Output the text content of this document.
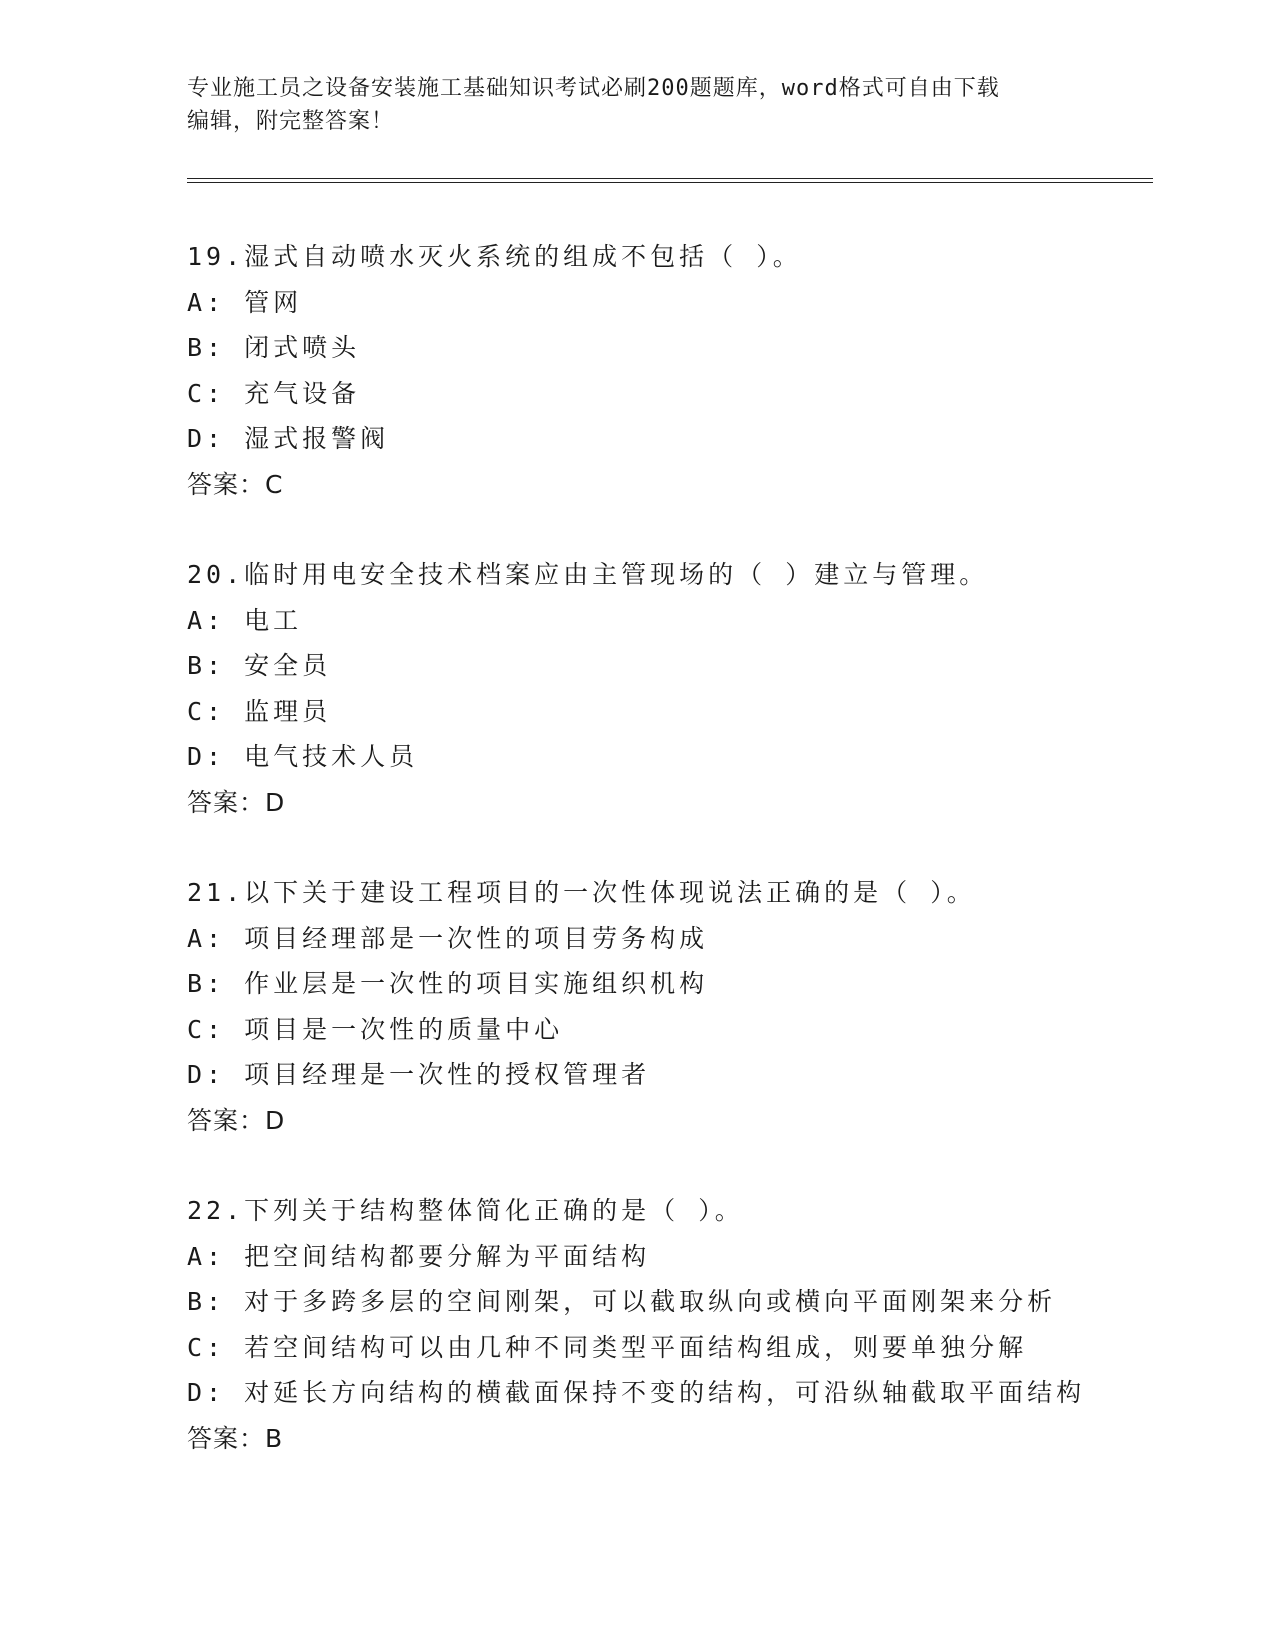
专业施工员之设备安装施工基础知识考试必刷200题题库，word格式可自由下载
编辑，附完整答案！
19.湿式自动喷水灭火系统的组成不包括（ ）。
A: 管网
B: 闭式喷头
C: 充气设备
D: 湿式报警阀
答案：C
20.临时用电安全技术档案应由主管现场的（ ）建立与管理。
A: 电工
B: 安全员
C: 监理员
D: 电气技术人员
答案：D
21.以下关于建设工程项目的一次性体现说法正确的是（ ）。
A: 项目经理部是一次性的项目劳务构成
B: 作业层是一次性的项目实施组织机构
C: 项目是一次性的质量中心
D: 项目经理是一次性的授权管理者
答案：D
22.下列关于结构整体简化正确的是（ ）。
A: 把空间结构都要分解为平面结构
B: 对于多跨多层的空间刚架，可以截取纵向或横向平面刚架来分析
C: 若空间结构可以由几种不同类型平面结构组成，则要单独分解
D: 对延长方向结构的横截面保持不变的结构，可沿纵轴截取平面结构
答案：B
